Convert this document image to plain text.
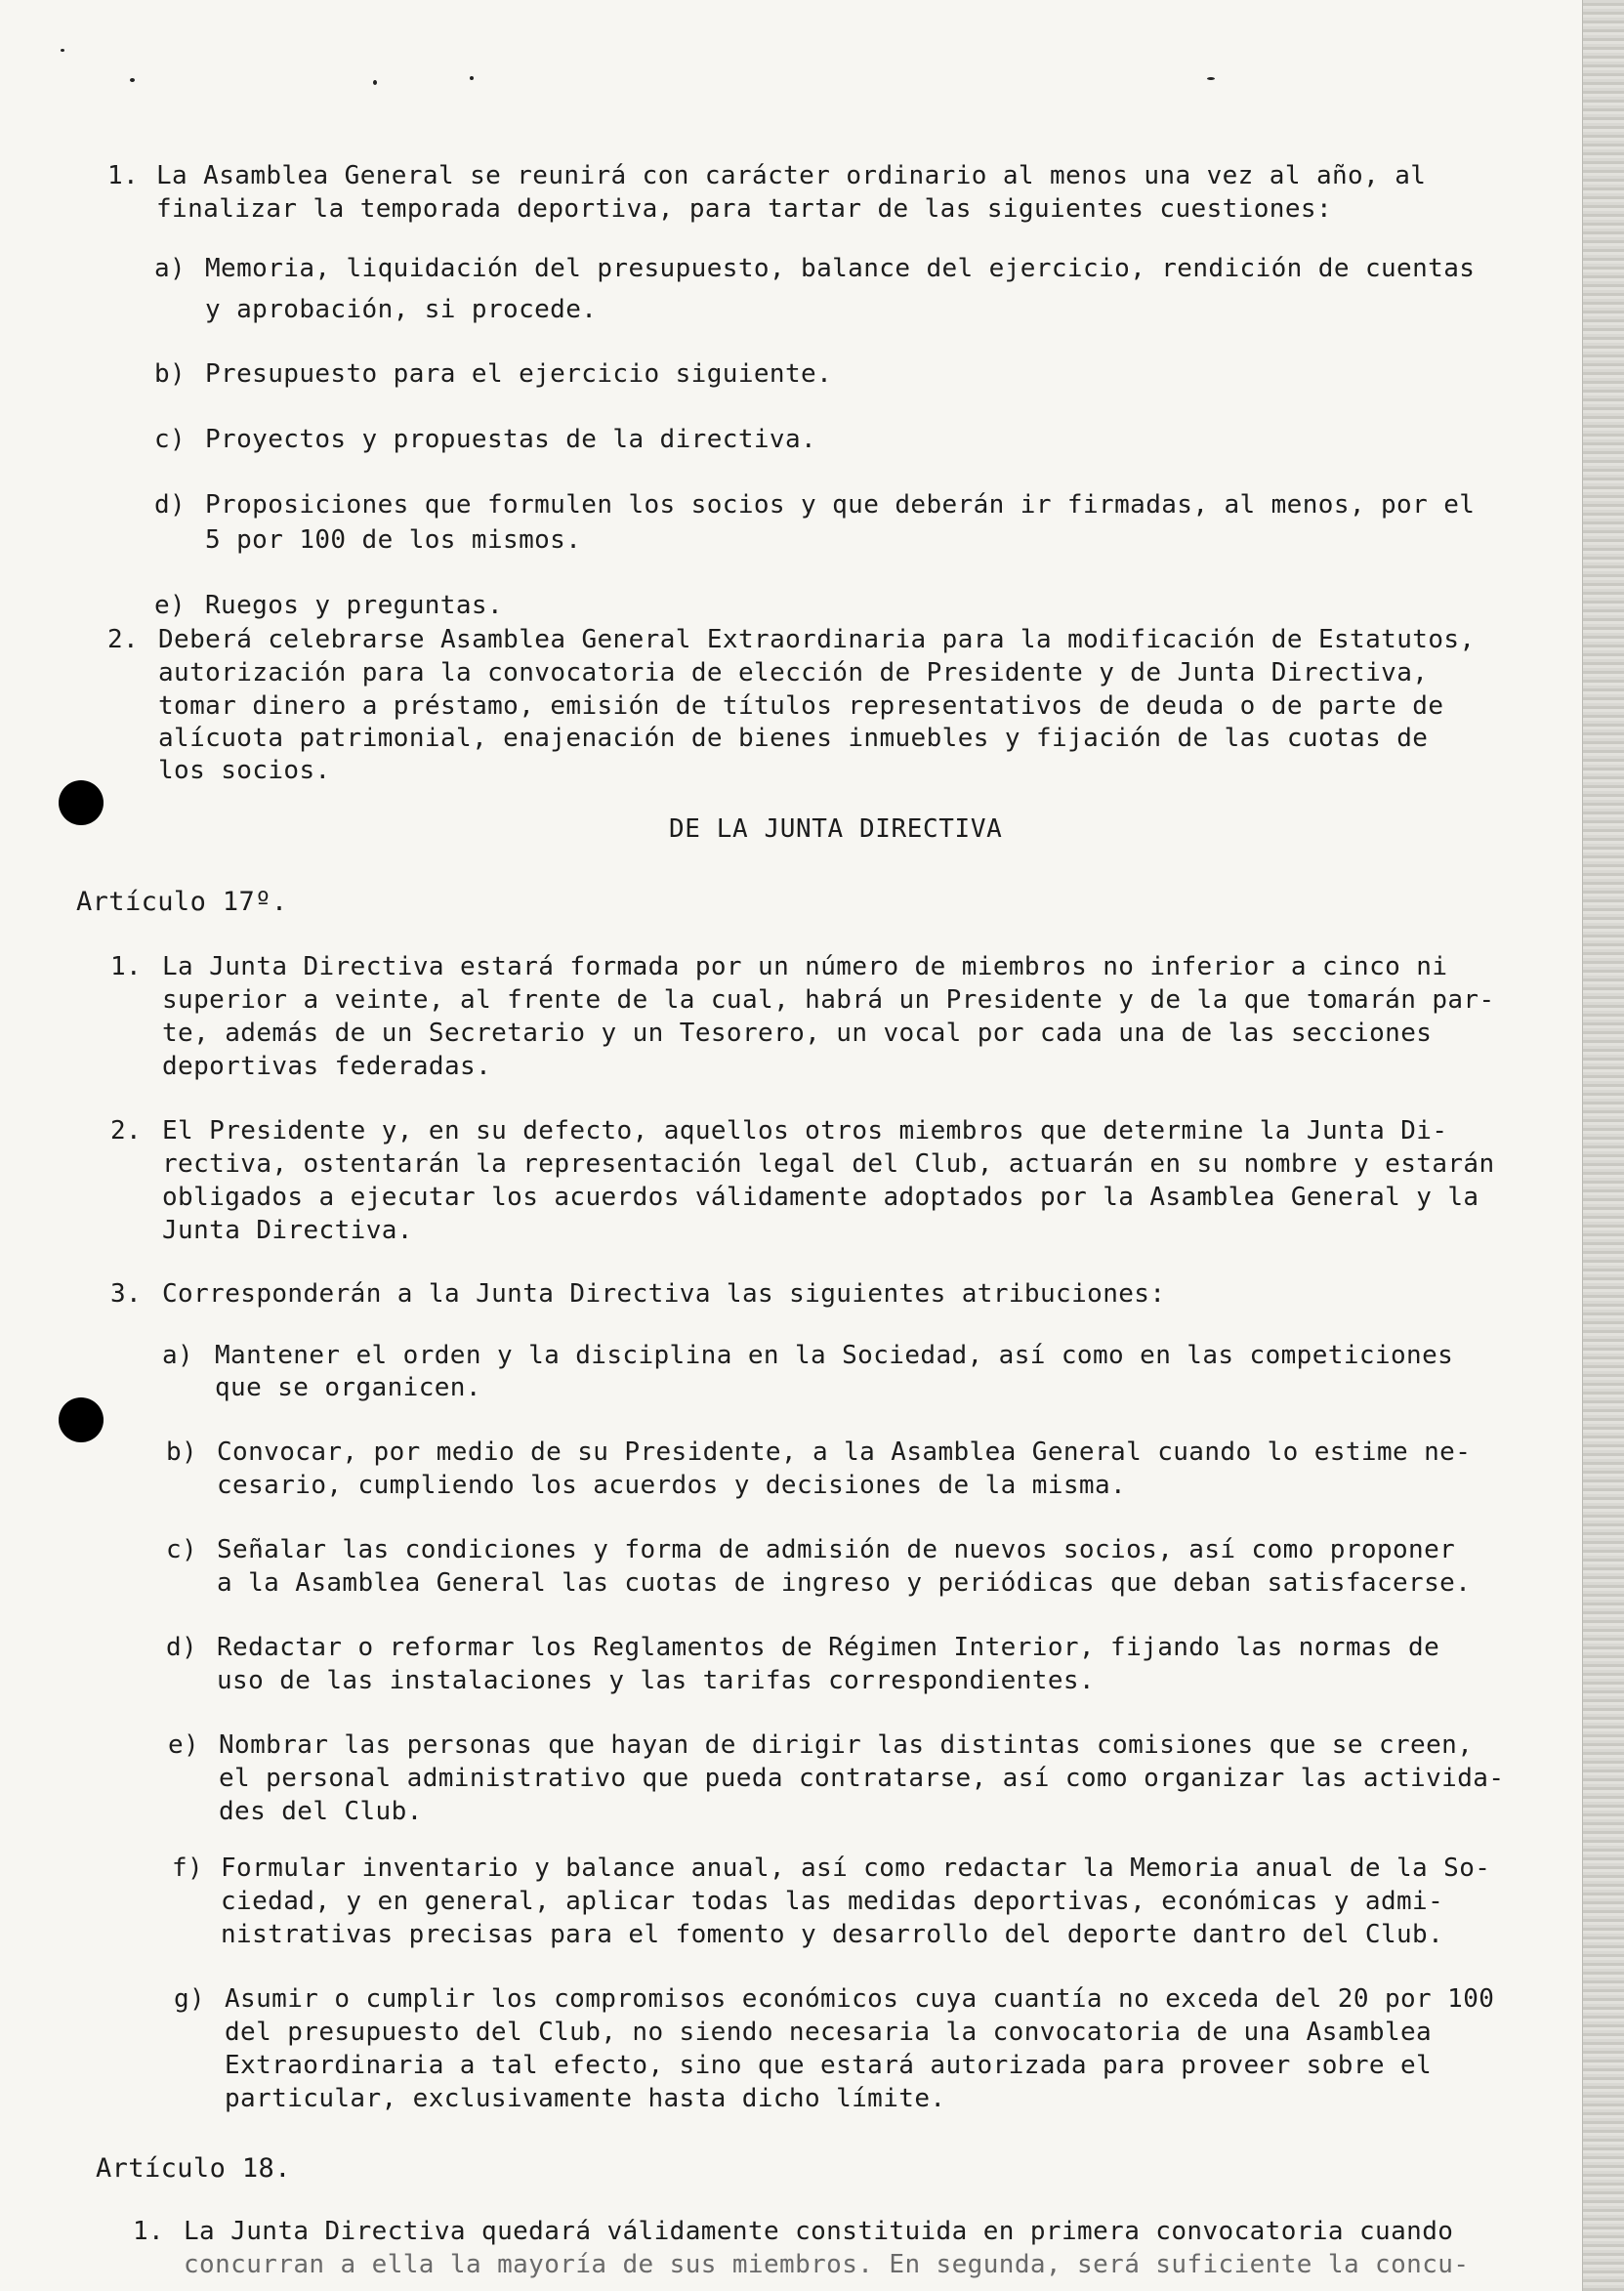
1. La Asamblea General se reunirá con carácter ordinario al menos una vez al año, al
finalizar la temporada deportiva, para tartar de las siguientes cuestiones:
a) Memoria, liquidación del presupuesto, balance del ejercicio, rendición de cuentas
y aprobación, si procede.
b) Presupuesto para el ejercicio siguiente.
c) Proyectos y propuestas de la directiva.
d) Proposiciones que formulen los socios y que deberán ir firmadas, al menos, por el
5 por 100 de los mismos.
e) Ruegos y preguntas.
2. Deberá celebrarse Asamblea General Extraordinaria para la modificación de Estatutos,
autorización para la convocatoria de elección de Presidente y de Junta Directiva,
tomar dinero a préstamo, emisión de títulos representativos de deuda o de parte de
alícuota patrimonial, enajenación de bienes inmuebles y fijación de las cuotas de
los socios.
DE LA JUNTA DIRECTIVA
Artículo 17º.
1. La Junta Directiva estará formada por un número de miembros no inferior a cinco ni
superior a veinte, al frente de la cual, habrá un Presidente y de la que tomarán par-
te, además de un Secretario y un Tesorero, un vocal por cada una de las secciones
deportivas federadas.
2. El Presidente y, en su defecto, aquellos otros miembros que determine la Junta Di-
rectiva, ostentarán la representación legal del Club, actuarán en su nombre y estarán
obligados a ejecutar los acuerdos válidamente adoptados por la Asamblea General y la
Junta Directiva.
3. Corresponderán a la Junta Directiva las siguientes atribuciones:
a) Mantener el orden y la disciplina en la Sociedad, así como en las competiciones
que se organicen.
b) Convocar, por medio de su Presidente, a la Asamblea General cuando lo estime ne-
cesario, cumpliendo los acuerdos y decisiones de la misma.
c) Señalar las condiciones y forma de admisión de nuevos socios, así como proponer
a la Asamblea General las cuotas de ingreso y periódicas que deban satisfacerse.
d) Redactar o reformar los Reglamentos de Régimen Interior, fijando las normas de
uso de las instalaciones y las tarifas correspondientes.
e) Nombrar las personas que hayan de dirigir las distintas comisiones que se creen,
el personal administrativo que pueda contratarse, así como organizar las activida-
des del Club.
f) Formular inventario y balance anual, así como redactar la Memoria anual de la So-
ciedad, y en general, aplicar todas las medidas deportivas, económicas y admi-
nistrativas precisas para el fomento y desarrollo del deporte dantro del Club.
g) Asumir o cumplir los compromisos económicos cuya cuantía no exceda del 20 por 100
del presupuesto del Club, no siendo necesaria la convocatoria de una Asamblea
Extraordinaria a tal efecto, sino que estará autorizada para proveer sobre el
particular, exclusivamente hasta dicho límite.
Artículo 18.
1. La Junta Directiva quedará válidamente constituida en primera convocatoria cuando
concurran a ella la mayoría de sus miembros. En segunda, será suficiente la concu-
